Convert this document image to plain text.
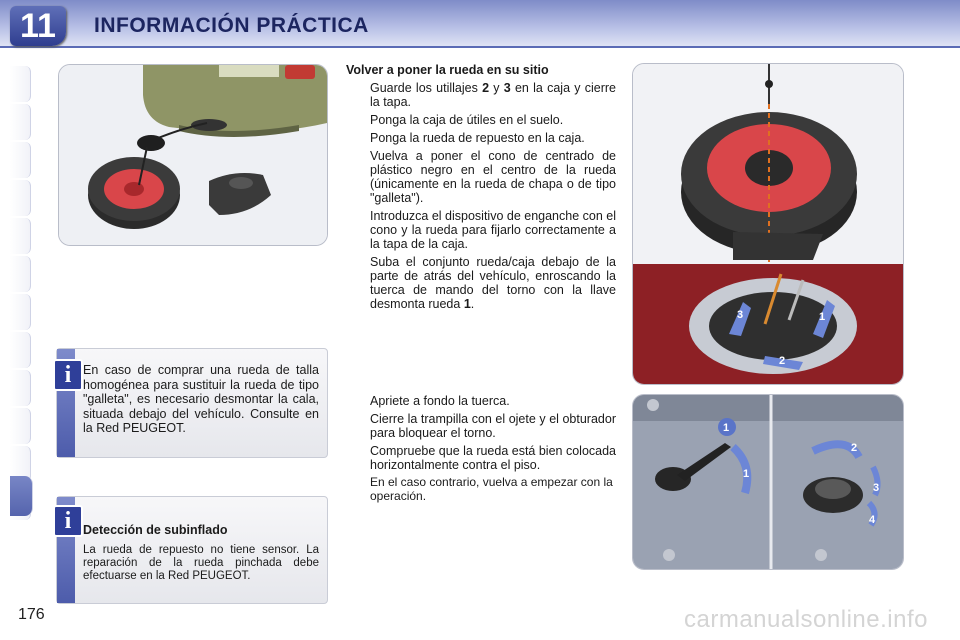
11	INFORMACIÓN PRÁCTICA
i En caso de comprar una rueda de talla homogénea para sustituir la rueda de tipo "galleta", es necesario desmontar la cala, situada debajo del vehículo. Consulte en la Red PEUGEOT.
i Detección de subinflado
La rueda de repuesto no tiene sensor. La reparación de la rueda pinchada debe efectuarse en la Red PEUGEOT.
176
Volver a poner la rueda en su sitio
Guarde los utillajes 2 y 3 en la caja y cierre la tapa.
Ponga la caja de útiles en el suelo.
Ponga la rueda de repuesto en la caja.
Vuelva a poner el cono de centrado de plástico negro en el centro de la rueda (únicamente en la rueda de chapa o de tipo "galleta").
Introduzca el dispositivo de enganche con el cono y la rueda para fijarlo correctamente a la tapa de la caja.
Suba el conjunto rueda/caja debajo de la parte de atrás del vehículo, enroscando la tuerca de mando del torno con la llave desmonta rueda 1.
Apriete a fondo la tuerca.
Cierre la trampilla con el ojete y el obturador para bloquear el torno.
Compruebe que la rueda está bien colocada horizontalmente contra el piso.
En el caso contrario, vuelva a empezar con la operación.
3	1
2
1
1
2
3
4
carmanualsonline.info
